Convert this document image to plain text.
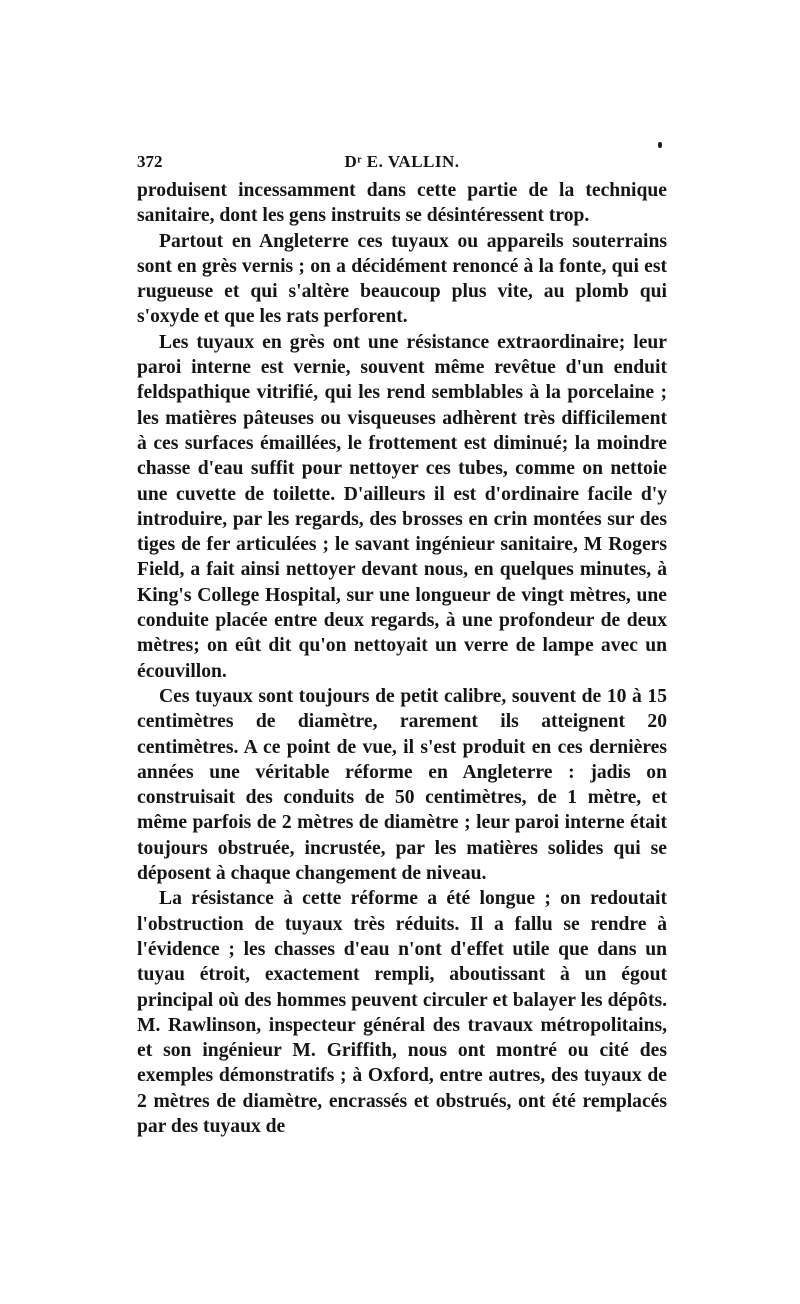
372	Dʳ E. VALLIN.

produisent incessamment dans cette partie de la technique sanitaire, dont les gens instruits se désintéressent trop.

Partout en Angleterre ces tuyaux ou appareils souterrains sont en grès vernis ; on a décidément renoncé à la fonte, qui est rugueuse et qui s'altère beaucoup plus vite, au plomb qui s'oxyde et que les rats perforent.

Les tuyaux en grès ont une résistance extraordinaire; leur paroi interne est vernie, souvent même revêtue d'un enduit feldspathique vitrifié, qui les rend semblables à la porcelaine ; les matières pâteuses ou visqueuses adhèrent très difficilement à ces surfaces émaillées, le frottement est diminué; la moindre chasse d'eau suffit pour nettoyer ces tubes, comme on nettoie une cuvette de toilette. D'ailleurs il est d'ordinaire facile d'y introduire, par les regards, des brosses en crin montées sur des tiges de fer articulées ; le savant ingénieur sanitaire, M Rogers Field, a fait ainsi nettoyer devant nous, en quelques minutes, à King's College Hospital, sur une longueur de vingt mètres, une conduite placée entre deux regards, à une profondeur de deux mètres; on eût dit qu'on nettoyait un verre de lampe avec un écouvillon.

Ces tuyaux sont toujours de petit calibre, souvent de 10 à 15 centimètres de diamètre, rarement ils atteignent 20 centimètres. A ce point de vue, il s'est produit en ces dernières années une véritable réforme en Angleterre : jadis on construisait des conduits de 50 centimètres, de 1 mètre, et même parfois de 2 mètres de diamètre ; leur paroi interne était toujours obstruée, incrustée, par les matières solides qui se déposent à chaque changement de niveau.

La résistance à cette réforme a été longue ; on redoutait l'obstruction de tuyaux très réduits. Il a fallu se rendre à l'évidence ; les chasses d'eau n'ont d'effet utile que dans un tuyau étroit, exactement rempli, aboutissant à un égout principal où des hommes peuvent circuler et balayer les dépôts. M. Rawlinson, inspecteur général des travaux métropolitains, et son ingénieur M. Griffith, nous ont montré ou cité des exemples démonstratifs ; à Oxford, entre autres, des tuyaux de 2 mètres de diamètre, encrassés et obstrués, ont été remplacés par des tuyaux de
